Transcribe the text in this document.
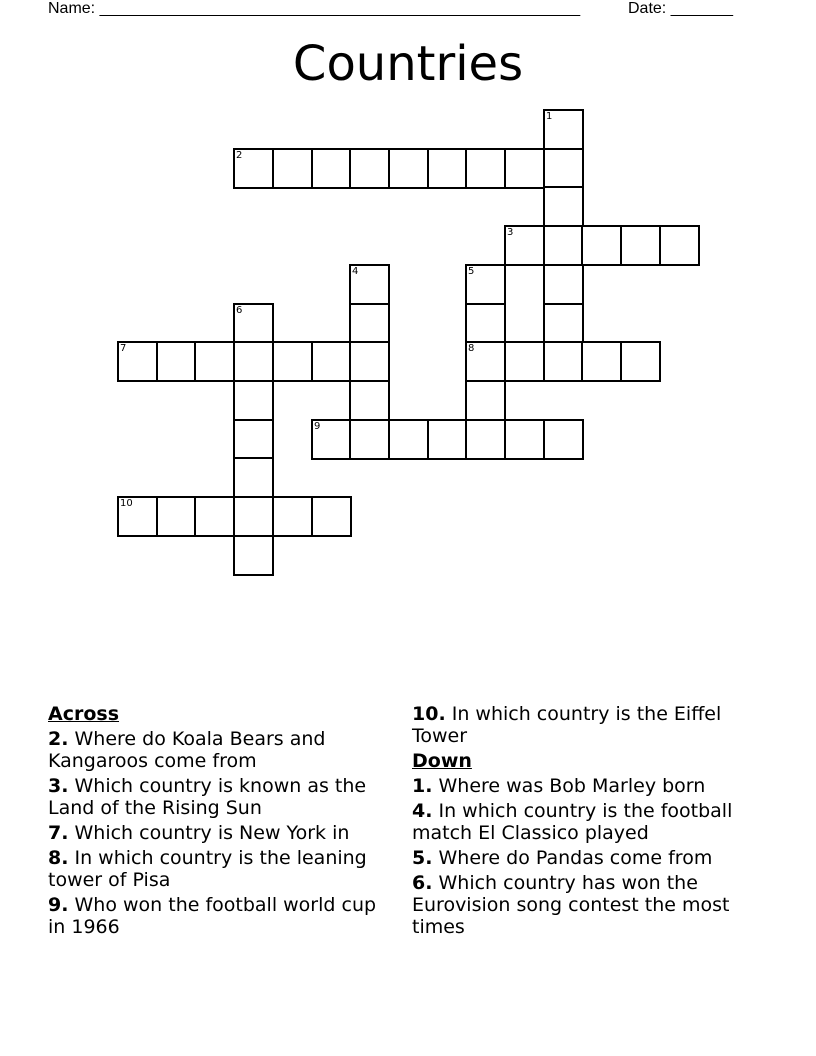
Name: ______________________________________________________	Date: _______
Countries
1
2
3
4	5
6
7	8
9
10
Across
2. Where do Koala Bears and Kangaroos come from
3. Which country is known as the Land of the Rising Sun
7. Which country is New York in
8. In which country is the leaning tower of Pisa
9. Who won the football world cup in 1966
10. In which country is the Eiffel Tower
Down
1. Where was Bob Marley born
4. In which country is the football match El Classico played
5. Where do Pandas come from
6. Which country has won the Eurovision song contest the most times
